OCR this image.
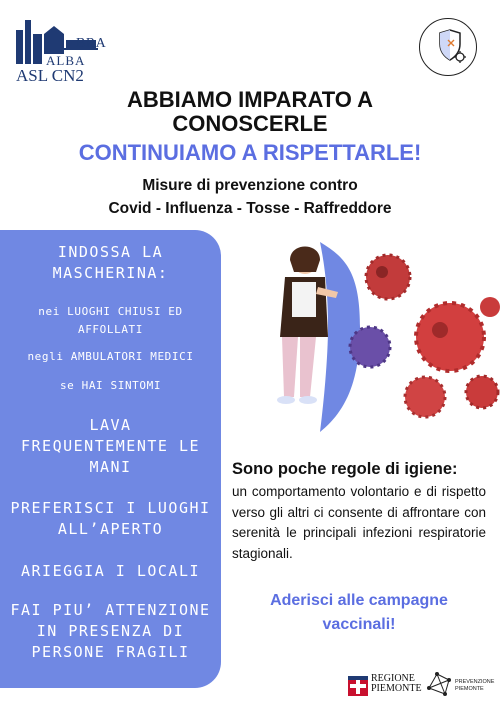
BRA
ALBA
ASL CN2
ABBIAMO IMPARATO A
CONOSCERLE
CONTINUIAMO A RISPETTARLE!
Misure di prevenzione contro
Covid - Influenza - Tosse - Raffreddore
INDOSSA LA
MASCHERINA:
nei LUOGHI CHIUSI ED
AFFOLLATI
negli AMBULATORI MEDICI
se HAI SINTOMI
LAVA
FREQUENTEMENTE LE
MANI
PREFERISCI I LUOGHI
ALL’APERTO
ARIEGGIA I LOCALI
FAI PIU’ ATTENZIONE
IN PRESENZA DI
PERSONE FRAGILI
Sono poche regole di igiene:
un comportamento volontario e di rispetto verso gli altri ci consente di affrontare con serenità le principali infezioni respiratorie stagionali.
Aderisci alle campagne
vaccinali!
REGIONE
PIEMONTE
PREVENZIONE
PIEMONTE
